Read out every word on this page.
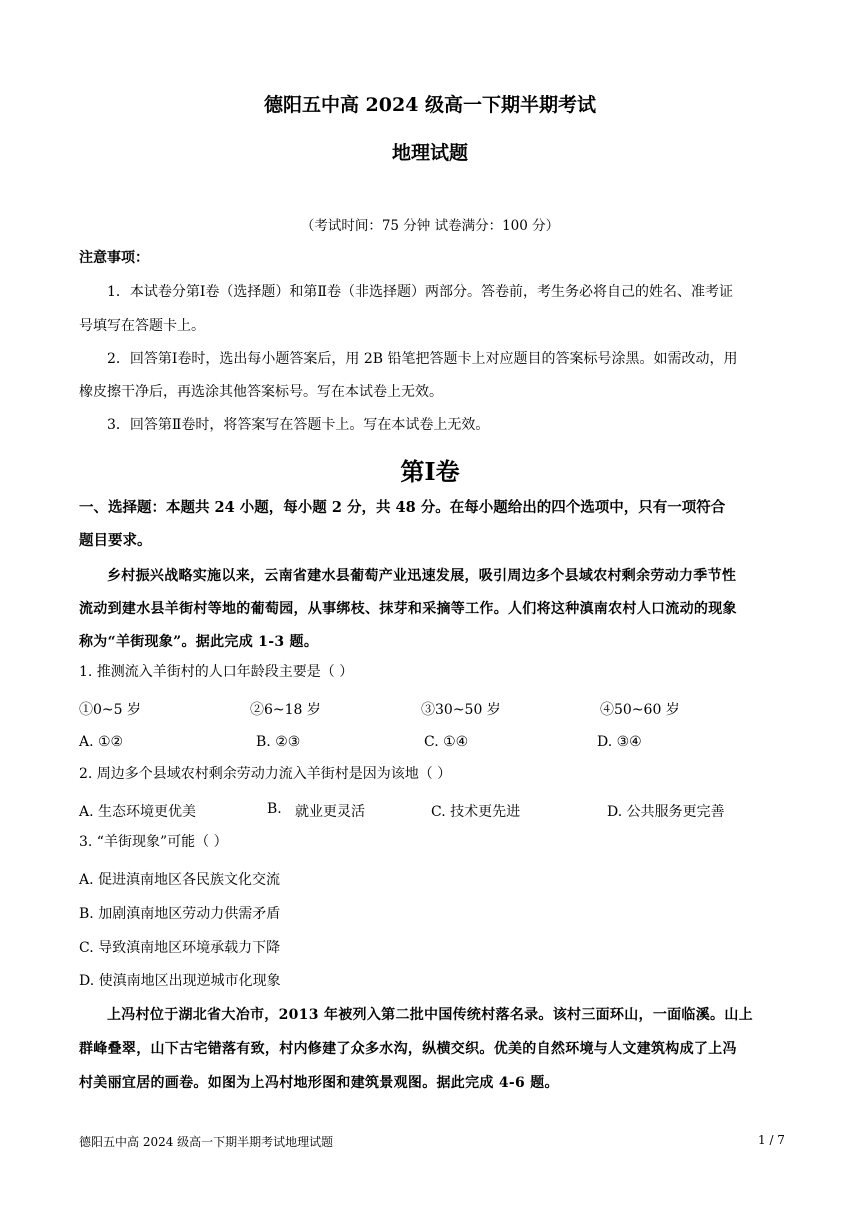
德阳五中高 2024 级高一下期半期考试
地理试题
（考试时间：75 分钟 试卷满分：100 分）
注意事项：
1．本试卷分第Ⅰ卷（选择题）和第Ⅱ卷（非选择题）两部分。答卷前，考生务必将自己的姓名、准考证
号填写在答题卡上。
2．回答第Ⅰ卷时，选出每小题答案后，用 2B 铅笔把答题卡上对应题目的答案标号涂黑。如需改动，用
橡皮擦干净后，再选涂其他答案标号。写在本试卷上无效。
3．回答第Ⅱ卷时，将答案写在答题卡上。写在本试卷上无效。
第Ⅰ卷
一、选择题：本题共 24 小题，每小题 2 分，共 48 分。在每小题给出的四个选项中，只有一项符合
题目要求。
乡村振兴战略实施以来，云南省建水县葡萄产业迅速发展，吸引周边多个县域农村剩余劳动力季节性
流动到建水县羊街村等地的葡萄园，从事绑枝、抹芽和采摘等工作。人们将这种滇南农村人口流动的现象
称为“羊街现象”。据此完成 1-3 题。
1. 推测流入羊街村的人口年龄段主要是（ ）
①0~5 岁	②6~18 岁	③30~50 岁	④50~60 岁
A. ①②	B. ②③	C. ①④	D. ③④
2. 周边多个县域农村剩余劳动力流入羊街村是因为该地（ ）
A. 生态环境更优美	B. 就业更灵活	C. 技术更先进	D. 公共服务更完善
3. “羊街现象”可能（ ）
A. 促进滇南地区各民族文化交流
B. 加剧滇南地区劳动力供需矛盾
C. 导致滇南地区环境承载力下降
D. 使滇南地区出现逆城市化现象
上冯村位于湖北省大冶市，2013 年被列入第二批中国传统村落名录。该村三面环山，一面临溪。山上
群峰叠翠，山下古宅错落有致，村内修建了众多水沟，纵横交织。优美的自然环境与人文建筑构成了上冯
村美丽宜居的画卷。如图为上冯村地形图和建筑景观图。据此完成 4-6 题。
德阳五中高 2024 级高一下期半期考试地理试题	1 / 7
